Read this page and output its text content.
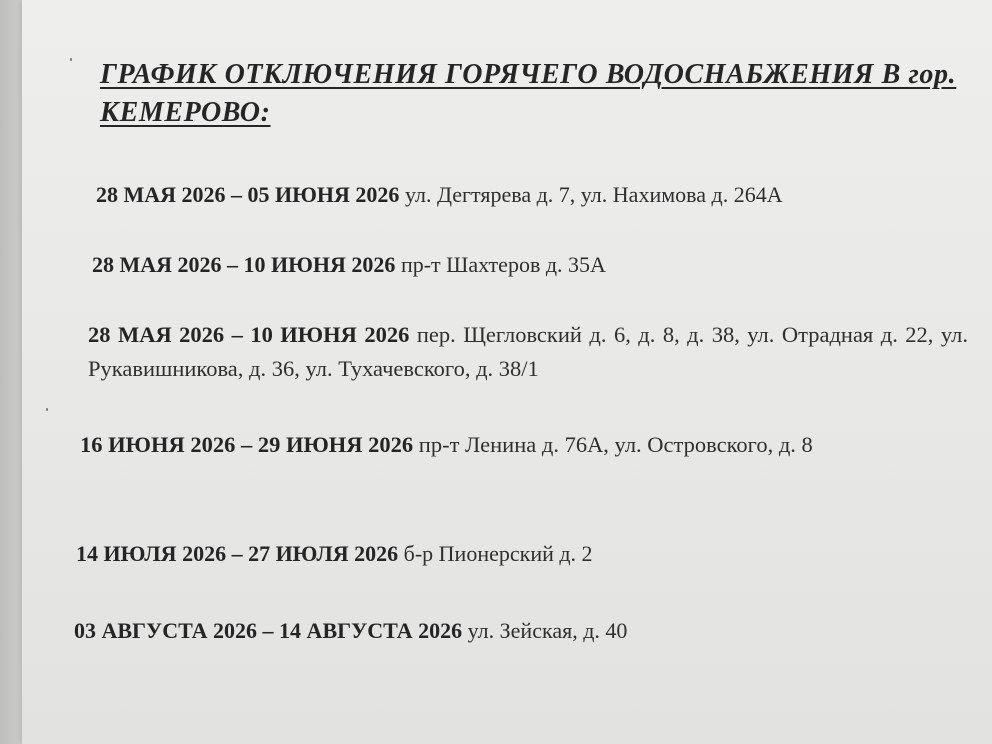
ГРАФИК ОТКЛЮЧЕНИЯ ГОРЯЧЕГО ВОДОСНАБЖЕНИЯ В гор. КЕМЕРОВО:
28 МАЯ 2026 – 05 ИЮНЯ 2026 ул. Дегтярева д. 7, ул. Нахимова д. 264А
28 МАЯ 2026 – 10 ИЮНЯ 2026 пр-т Шахтеров д. 35А
28 МАЯ 2026 – 10 ИЮНЯ 2026 пер. Щегловский д. 6, д. 8, д. 38, ул. Отрадная д. 22, ул. Рукавишникова, д. 36, ул. Тухачевского, д. 38/1
16 ИЮНЯ 2026 – 29 ИЮНЯ 2026 пр-т Ленина д. 76А, ул. Островского, д. 8
14 ИЮЛЯ 2026 – 27 ИЮЛЯ 2026 б-р Пионерский д. 2
03 АВГУСТА 2026 – 14 АВГУСТА 2026 ул. Зейская, д. 40
